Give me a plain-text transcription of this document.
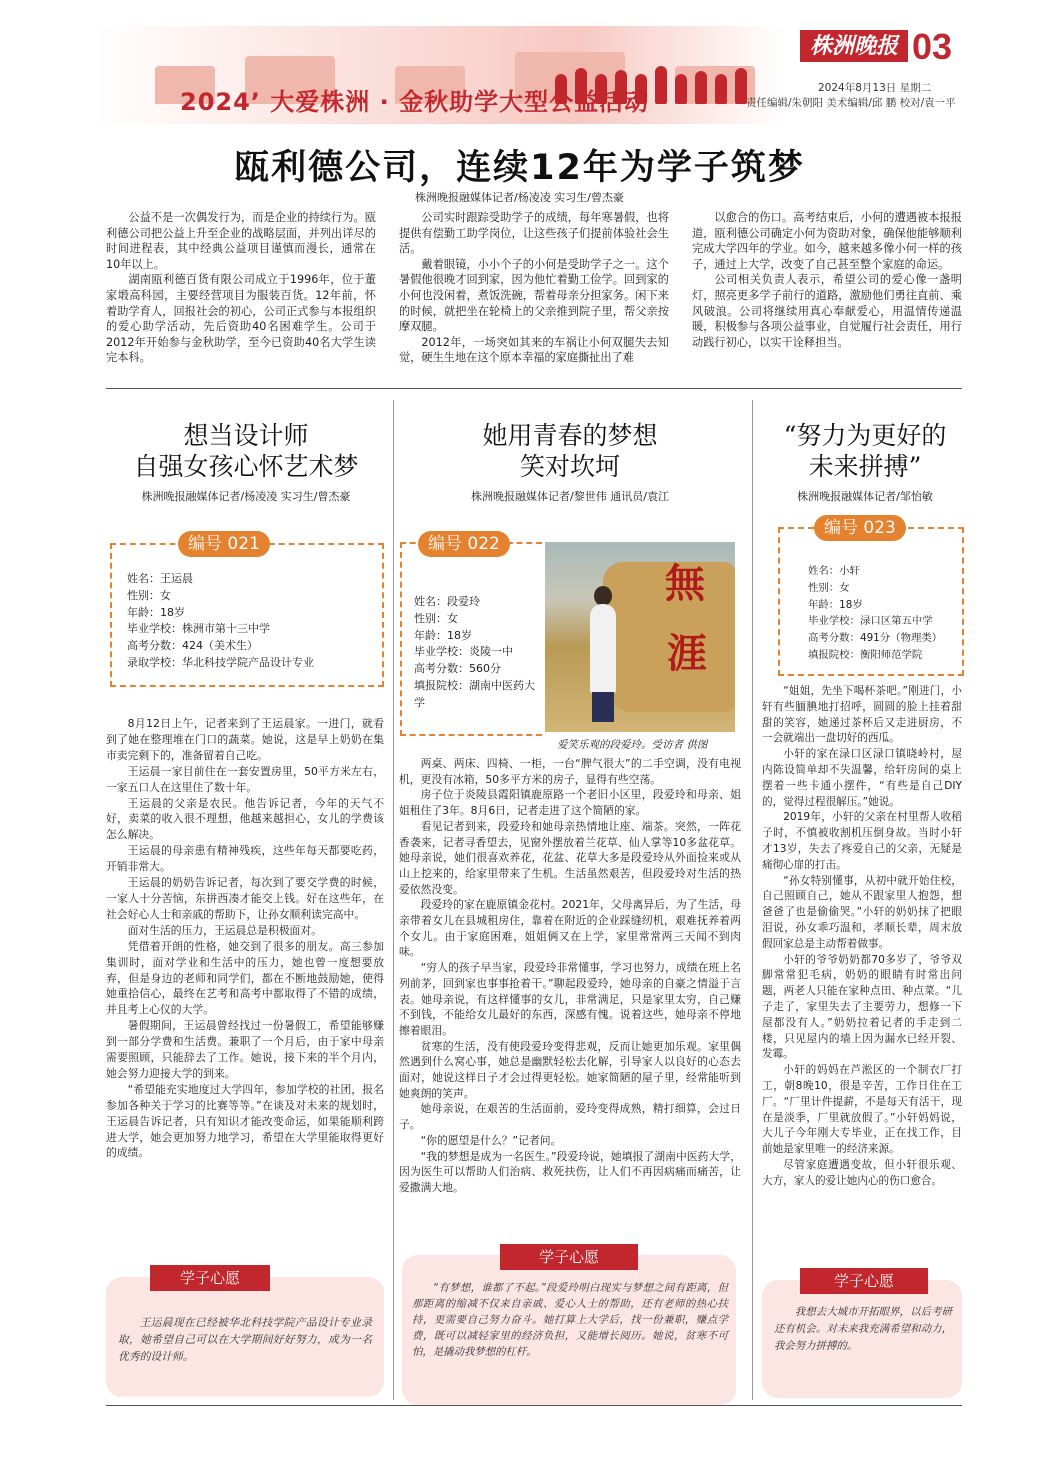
2024’ 大爱株洲 · 金秋助学大型公益活动
株洲晚报 03
2024年8月13日 星期二
责任编辑/朱朝阳 美术编辑/邱 鹏 校对/袁一平
瓯利德公司，连续12年为学子筑梦
株洲晚报融媒体记者/杨凌凌 实习生/曾杰豪

公益不是一次偶发行为，而是企业的持续行为。瓯利德公司把公益上升至企业的战略层面，并列出详尽的时间进程表，其中经典公益项目谨慎而漫长，通常在10年以上。

湖南瓯利德百货有限公司成立于1996年，位于董家塅高科园，主要经营项目为服装百货。12年前，怀着助学育人，回报社会的初心，公司正式参与本报组织的爱心助学活动，先后资助40名困难学生。公司于2012年开始参与金秋助学，至今已资助40名大学生读完本科。

公司实时跟踪受助学子的成绩，每年寒暑假，也将提供有偿勤工助学岗位，让这些孩子们提前体验社会生活。

戴着眼镜，小小个子的小何是受助学子之一。这个暑假他很晚才回到家，因为他忙着勤工俭学。回到家的小何也没闲着，煮饭洗碗，帮着母亲分担家务。闲下来的时候，就把坐在轮椅上的父亲推到院子里，帮父亲按摩双腿。

2012年，一场突如其来的车祸让小何双腿失去知觉，硬生生地在这个原本幸福的家庭撕扯出了难

以愈合的伤口。高考结束后，小何的遭遇被本报报道，瓯利德公司确定小何为资助对象，确保他能够顺利完成大学四年的学业。如今，越来越多像小何一样的孩子，通过上大学，改变了自己甚至整个家庭的命运。

公司相关负责人表示，希望公司的爱心像一盏明灯，照亮更多学子前行的道路，激励他们勇往直前、乘风破浪。公司将继续用真心奉献爱心，用温情传递温暖，积极参与各项公益事业，自觉履行社会责任，用行动践行初心，以实干诠释担当。

想当设计师
自强女孩心怀艺术梦
株洲晚报融媒体记者/杨凌凌 实习生/曾杰豪
编号 021
姓名：王运晨
性别：女
年龄：18岁
毕业学校：株洲市第十三中学
高考分数：424（美术生）
录取学校：华北科技学院产品设计专业

8月12日上午，记者来到了王运晨家。一进门，就看到了她在整理堆在门口的蔬菜。她说，这是早上奶奶在集市卖完剩下的，准备留着自己吃。

王运晨一家目前住在一套安置房里，50平方米左右，一家五口人在这里住了数十年。

王运晨的父亲是农民。他告诉记者，今年的天气不好，卖菜的收入很不理想，他越来越担心，女儿的学费该怎么解决。

王运晨的母亲患有精神残疾，这些年每天都要吃药，开销非常大。

王运晨的奶奶告诉记者，每次到了要交学费的时候，一家人十分苦恼，东拼西凑才能交上钱。好在这些年，在社会好心人士和亲戚的帮助下，让孙女顺利读完高中。

面对生活的压力，王运晨总是积极面对。

凭借着开朗的性格，她交到了很多的朋友。高三参加集训时，面对学业和生活中的压力，她也曾一度想要放弃，但是身边的老师和同学们，都在不断地鼓励她，使得她重拾信心，最终在艺考和高考中都取得了不错的成绩，并且考上心仪的大学。

暑假期间，王运晨曾经找过一份暑假工，希望能够赚到一部分学费和生活费。兼职了一个月后，由于家中母亲需要照顾，只能辞去了工作。她说，接下来的半个月内，她会努力迎接大学的到来。

“希望能充实地度过大学四年，参加学校的社团，报名参加各种关于学习的比赛等等。”在谈及对未来的规划时，王运晨告诉记者，只有知识才能改变命运，如果能顺利跨进大学，她会更加努力地学习，希望在大学里能取得更好的成绩。

学子心愿
王运晨现在已经被华北科技学院产品设计专业录取，她希望自己可以在大学期间好好努力，成为一名优秀的设计师。
她用青春的梦想
笑对坎坷
株洲晚报融媒体记者/黎世伟 通讯员/袁江
编号 022
姓名：段爱玲
性别：女
年龄：18岁
毕业学校：炎陵一中
高考分数：560分
填报院校：湖南中医药大学
無
涯
爱笑乐观的段爱玲。受访者 供图

两桌、两床、四椅、一柜，一台“脾气很大”的二手空调，没有电视机，更没有冰箱，50多平方米的房子，显得有些空荡。

房子位于炎陵县霞阳镇鹿原路一个老旧小区里，段爱玲和母亲、姐姐租住了3年。8月6日，记者走进了这个简陋的家。

看见记者到来，段爱玲和她母亲热情地让座、端茶。突然，一阵花香袭来，记者寻香望去，见窗外摆放着兰花草、仙人掌等10多盆花草。她母亲说，她们很喜欢养花，花盆、花草大多是段爱玲从外面捡来或从山上挖来的，给家里带来了生机。生活虽然艰苦，但段爱玲对生活的热爱依然没变。

段爱玲的家在鹿原镇金花村。2021年，父母离异后，为了生活，母亲带着女儿在县城租房住，靠着在附近的企业踩缝纫机，艰难抚养着两个女儿。由于家庭困难，姐姐俩又在上学，家里常常两三天闻不到肉味。

“穷人的孩子早当家，段爱玲非常懂事，学习也努力，成绩在班上名列前茅，回到家也事事抢着干。”聊起段爱玲，她母亲的自豪之情溢于言表。她母亲说，有这样懂事的女儿，非常满足，只是家里太穷，自己赚不到钱，不能给女儿最好的东西，深感有愧。说着这些，她母亲不停地擦着眼泪。

贫寒的生活，没有使段爱玲变得悲观，反而让她更加乐观。家里偶然遇到什么窝心事，她总是幽默轻松去化解，引导家人以良好的心态去面对，她说这样日子才会过得更轻松。她家简陋的屋子里，经常能听到她爽朗的笑声。

她母亲说，在艰苦的生活面前，爱玲变得成熟，精打细算，会过日子。

“你的愿望是什么？”记者问。

“我的梦想是成为一名医生。”段爱玲说，她填报了湖南中医药大学，因为医生可以帮助人们治病、救死扶伤，让人们不再因病痛而痛苦，让爱撒满大地。

学子心愿
“有梦想，谁都了不起。”段爱玲明白现实与梦想之间有距离，但那距离的缩减不仅来自亲戚、爱心人士的帮助，还有老师的热心扶持，更需要自己努力奋斗。她打算上大学后，找一份兼职，赚点学费，既可以减轻家里的经济负担，又能增长阅历。她说，贫寒不可怕，是撬动我梦想的杠杆。
“努力为更好的
未来拼搏”
株洲晚报融媒体记者/邹怡敏
编号 023
姓名：小轩
性别：女
年龄：18岁
毕业学校：渌口区第五中学
高考分数：491分（物理类）
填报院校：衡阳师范学院

“姐姐，先坐下喝杯茶吧。”刚进门，小轩有些腼腆地打招呼，圆圆的脸上挂着甜甜的笑容，她递过茶杯后又走进厨房，不一会就端出一盘切好的西瓜。

小轩的家在渌口区渌口镇晓岭村，屋内陈设简单却不失温馨，给轩房间的桌上摆着一些卡通小摆件，“有些是自己DIY的，觉得过程很解压。”她说。

2019年，小轩的父亲在村里帮人收稻子时，不慎被收割机压倒身故。当时小轩才13岁，失去了疼爱自己的父亲，无疑是痛彻心扉的打击。

“孙女特别懂事，从初中就开始住校，自己照顾自己，她从不跟家里人抱怨，想爸爸了也是偷偷哭。”小轩的奶奶抹了把眼泪说，孙女乖巧温和，孝顺长辈，周末放假回家总是主动帮着做事。

小轩的爷爷奶奶都70多岁了，爷爷双脚常常犯毛病，奶奶的眼睛有时常出问题，两老人只能在家种点田、种点菜。“儿子走了，家里失去了主要劳力，想修一下屋都没有人。”奶奶拉着记者的手走到二楼，只见屋内的墙上因为漏水已经开裂、发霉。

小轩的妈妈在芦淞区的一个制衣厂打工，朝8晚10，很是辛苦，工作日住在工厂。“厂里计件提薪，不是每天有活干，现在是淡季，厂里就放假了。”小轩妈妈说，大儿子今年刚大专毕业，正在找工作，目前她是家里唯一的经济来源。

尽管家庭遭遇变故，但小轩很乐观、大方，家人的爱让她内心的伤口愈合。

学子心愿
我想去大城市开拓眼界，以后考研还有机会。对未来我充满希望和动力，我会努力拼搏的。
